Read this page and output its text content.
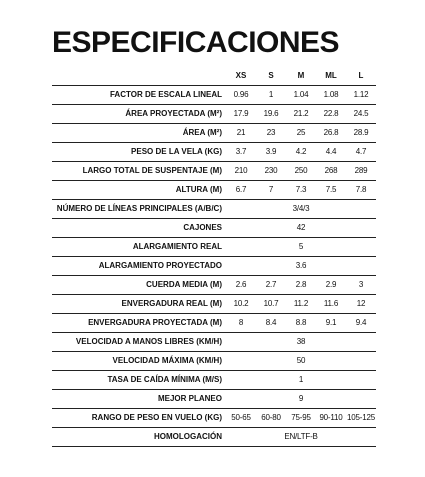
ESPECIFICACIONES
	XS	S	M	ML	L
FACTOR DE ESCALA LINEAL	0.96	1	1.04	1.08	1.12
ÁREA PROYECTADA (M²)	17.9	19.6	21.2	22.8	24.5
ÁREA (M²)	21	23	25	26.8	28.9
PESO DE LA VELA (KG)	3.7	3.9	4.2	4.4	4.7
LARGO TOTAL DE SUSPENTAJE (M)	210	230	250	268	289
ALTURA (M)	6.7	7	7.3	7.5	7.8
NÚMERO DE LÍNEAS PRINCIPALES (A/B/C)	3/4/3				
CAJONES	42				
ALARGAMIENTO REAL	5				
ALARGAMIENTO PROYECTADO	3.6				
CUERDA MEDIA (M)	2.6	2.7	2.8	2.9	3
ENVERGADURA REAL (M)	10.2	10.7	11.2	11.6	12
ENVERGADURA PROYECTADA (M)	8	8.4	8.8	9.1	9.4
VELOCIDAD A MANOS LIBRES (KM/H)	38				
VELOCIDAD MÁXIMA (KM/H)	50				
TASA DE CAÍDA MÍNIMA (M/S)	1				
MEJOR PLANEO	9				
RANGO DE PESO EN VUELO (KG)	50-65	60-80	75-95	90-110	105-125
HOMOLOGACIÓN	EN/LTF-B				
